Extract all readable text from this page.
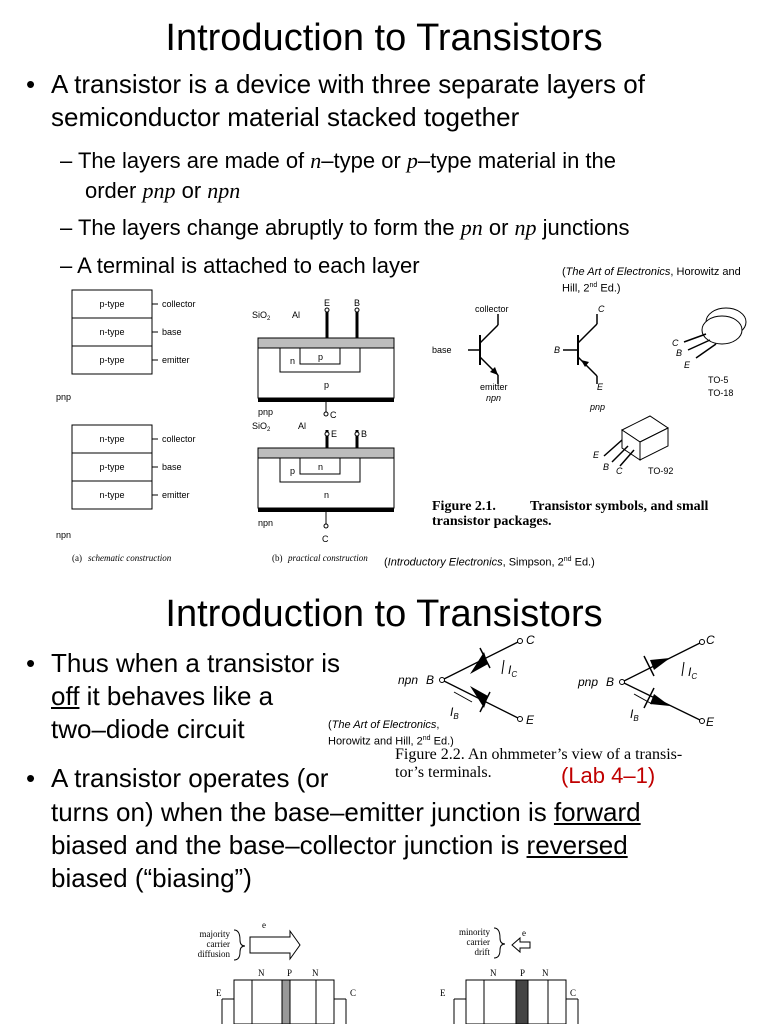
Introduction to Transistors
• A transistor is a device with three separate layers of
semiconductor material stacked together
– The layers are made of n–type or p–type material in the
order pnp or npn
– The layers change abruptly to form the pn or np junctions
– A terminal is attached to each layer	(The Art of Electronics, Horowitz and Hill, 2nd Ed.)
p-type
n-type
p-type
collector
base
emitter
pnp
n-type
p-type
n-type
collector
base
emitter
npn
(a) schematic construction
SiO$_2$ Al
E	B
C
n	p
p
pnp
SiO$_2$	Al
E	B
C
p	n
n
npn
(b) practical construction
collector
base
emitter
npn
C
B
E
pnp
C
B
E
TO-5
TO-18
E
B C	TO-92
Figure 2.1. Transistor symbols, and small
transistor packages.
(Introductory Electronics, Simpson, 2nd Ed.)
Introduction to Transistors
• Thus when a transistor is
off it behaves like a
two–diode circuit	(The Art of Electronics,
Horowitz and Hill, 2nd Ed.)
npn B
C
E
$I_C$
$I_B$
pnp B
C
E
$I_C$
$I_B$
Figure 2.2. An ohmmeter’s view of a transis-
tor’s terminals.	(Lab 4–1)
• A transistor operates (or
turns on) when the base–emitter junction is forward
biased and the base–collector junction is reversed
biased (“biasing”)
majority
carrier
diffusion
e
N	P N
E	C
minority
carrier
drift
e
N	P N
E	C
